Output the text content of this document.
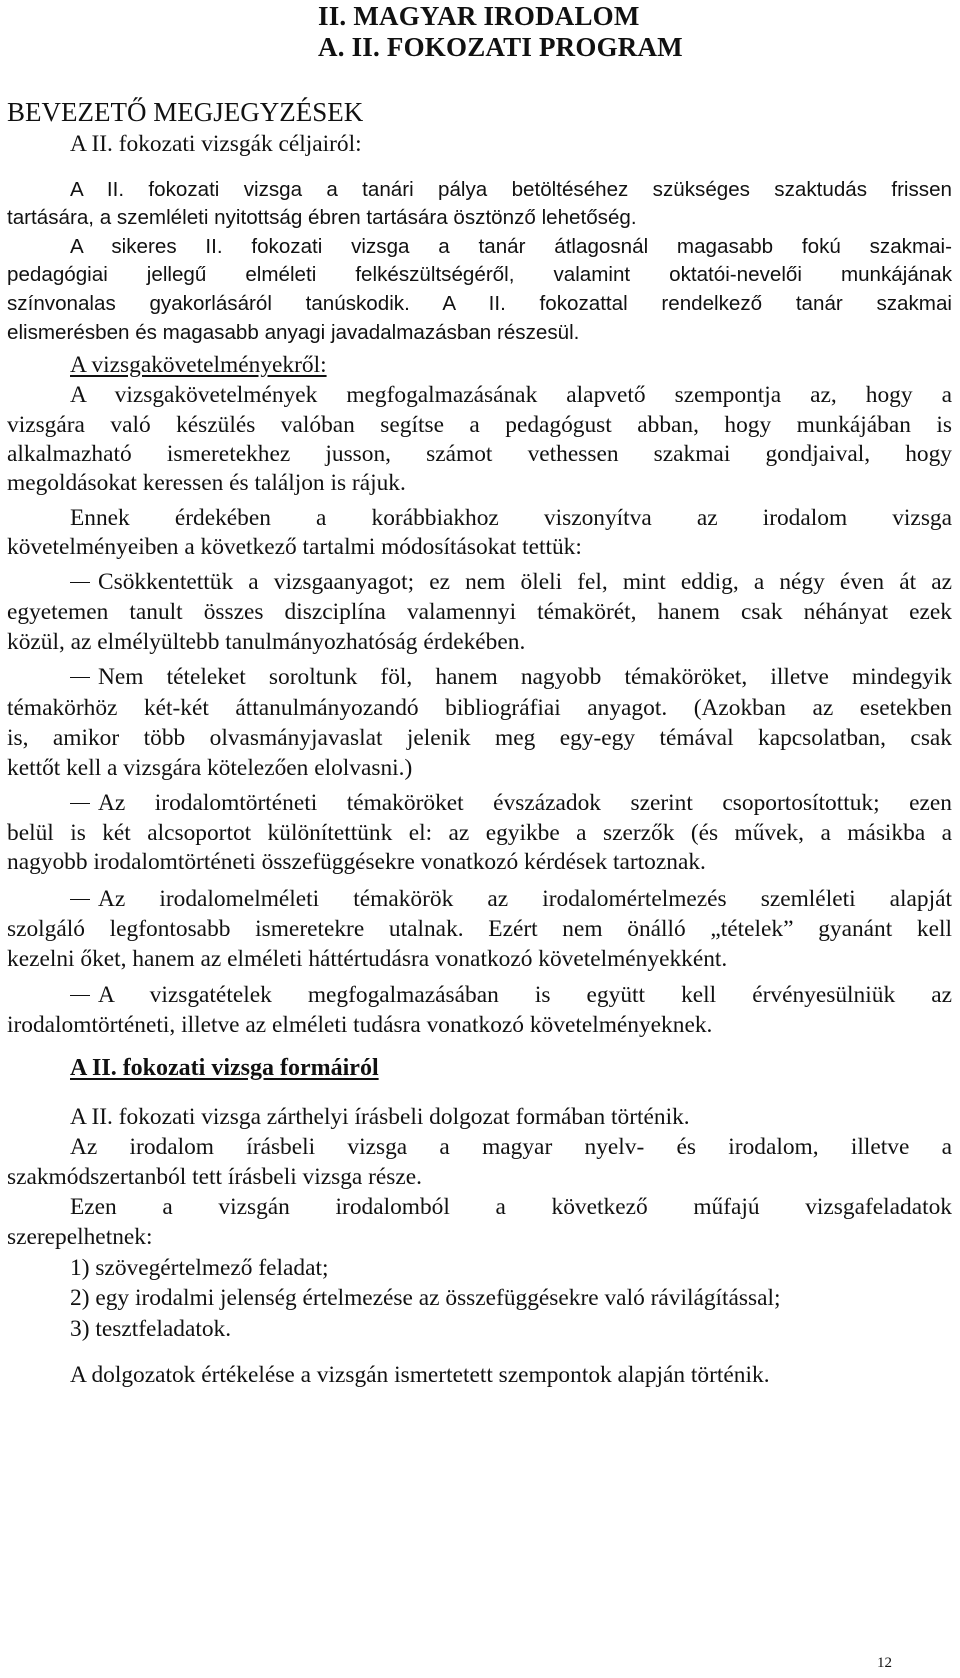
II. MAGYAR IRODALOM
A. II. FOKOZATI PROGRAM
BEVEZETŐ MEGJEGYZÉSEK
A II. fokozati vizsgák céljairól:
A II. fokozati vizsga a tanári pálya betöltéséhez szükséges szaktudás frissen
tartására, a szemléleti nyitottság ébren tartására ösztönző lehetőség.
A sikeres II. fokozati vizsga a tanár átlagosnál magasabb fokú szakmai-
pedagógiai jellegű elméleti felkészültségéről, valamint oktatói-nevelői munkájának
színvonalas gyakorlásáról tanúskodik. A II. fokozattal rendelkező tanár szakmai
elismerésben és magasabb anyagi javadalmazásban részesül.
A vizsgakövetelményekről:
A vizsgakövetelmények megfogalmazásának alapvető szempontja az, hogy a
vizsgára való készülés valóban segítse a pedagógust abban, hogy munkájában is
alkalmazható ismeretekhez jusson, számot vethessen szakmai gondjaival, hogy
megoldásokat keressen és találjon is rájuk.
Ennek érdekében a korábbiakhoz viszonyítva az irodalom vizsga
követelményeiben a következő tartalmi módosításokat tettük:
Csökkentettük a vizsgaanyagot; ez nem öleli fel, mint eddig, a négy éven át az
egyetemen tanult összes diszciplína valamennyi témakörét, hanem csak néhányat ezek
közül, az elmélyültebb tanulmányozhatóság érdekében.
Nem tételeket soroltunk föl, hanem nagyobb témaköröket, illetve mindegyik
témakörhöz két-két áttanulmányozandó bibliográfiai anyagot. (Azokban az esetekben
is, amikor több olvasmányjavaslat jelenik meg egy-egy témával kapcsolatban, csak
kettőt kell a vizsgára kötelezően elolvasni.)
Az irodalomtörténeti témaköröket évszázadok szerint csoportosítottuk; ezen
belül is két alcsoportot különítettünk el: az egyikbe a szerzők (és művek, a másikba a
nagyobb irodalomtörténeti összefüggésekre vonatkozó kérdések tartoznak.
Az irodalomelméleti témakörök az irodalomértelmezés szemléleti alapját
szolgáló legfontosabb ismeretekre utalnak. Ezért nem önálló „tételek” gyanánt kell
kezelni őket, hanem az elméleti háttértudásra vonatkozó követelményekként.
A vizsgatételek megfogalmazásában is együtt kell érvényesülniük az
irodalomtörténeti, illetve az elméleti tudásra vonatkozó követelményeknek.
A II. fokozati vizsga formáiról
A II. fokozati vizsga zárthelyi írásbeli dolgozat formában történik.
Az irodalom írásbeli vizsga a magyar nyelv- és irodalom, illetve a
szakmódszertanból tett írásbeli vizsga része.
Ezen a vizsgán irodalomból a következő műfajú vizsgafeladatok
szerepelhetnek:
1) szövegértelmező feladat;
2) egy irodalmi jelenség értelmezése az összefüggésekre való rávilágítással;
3) tesztfeladatok.
A dolgozatok értékelése a vizsgán ismertetett szempontok alapján történik.
12
